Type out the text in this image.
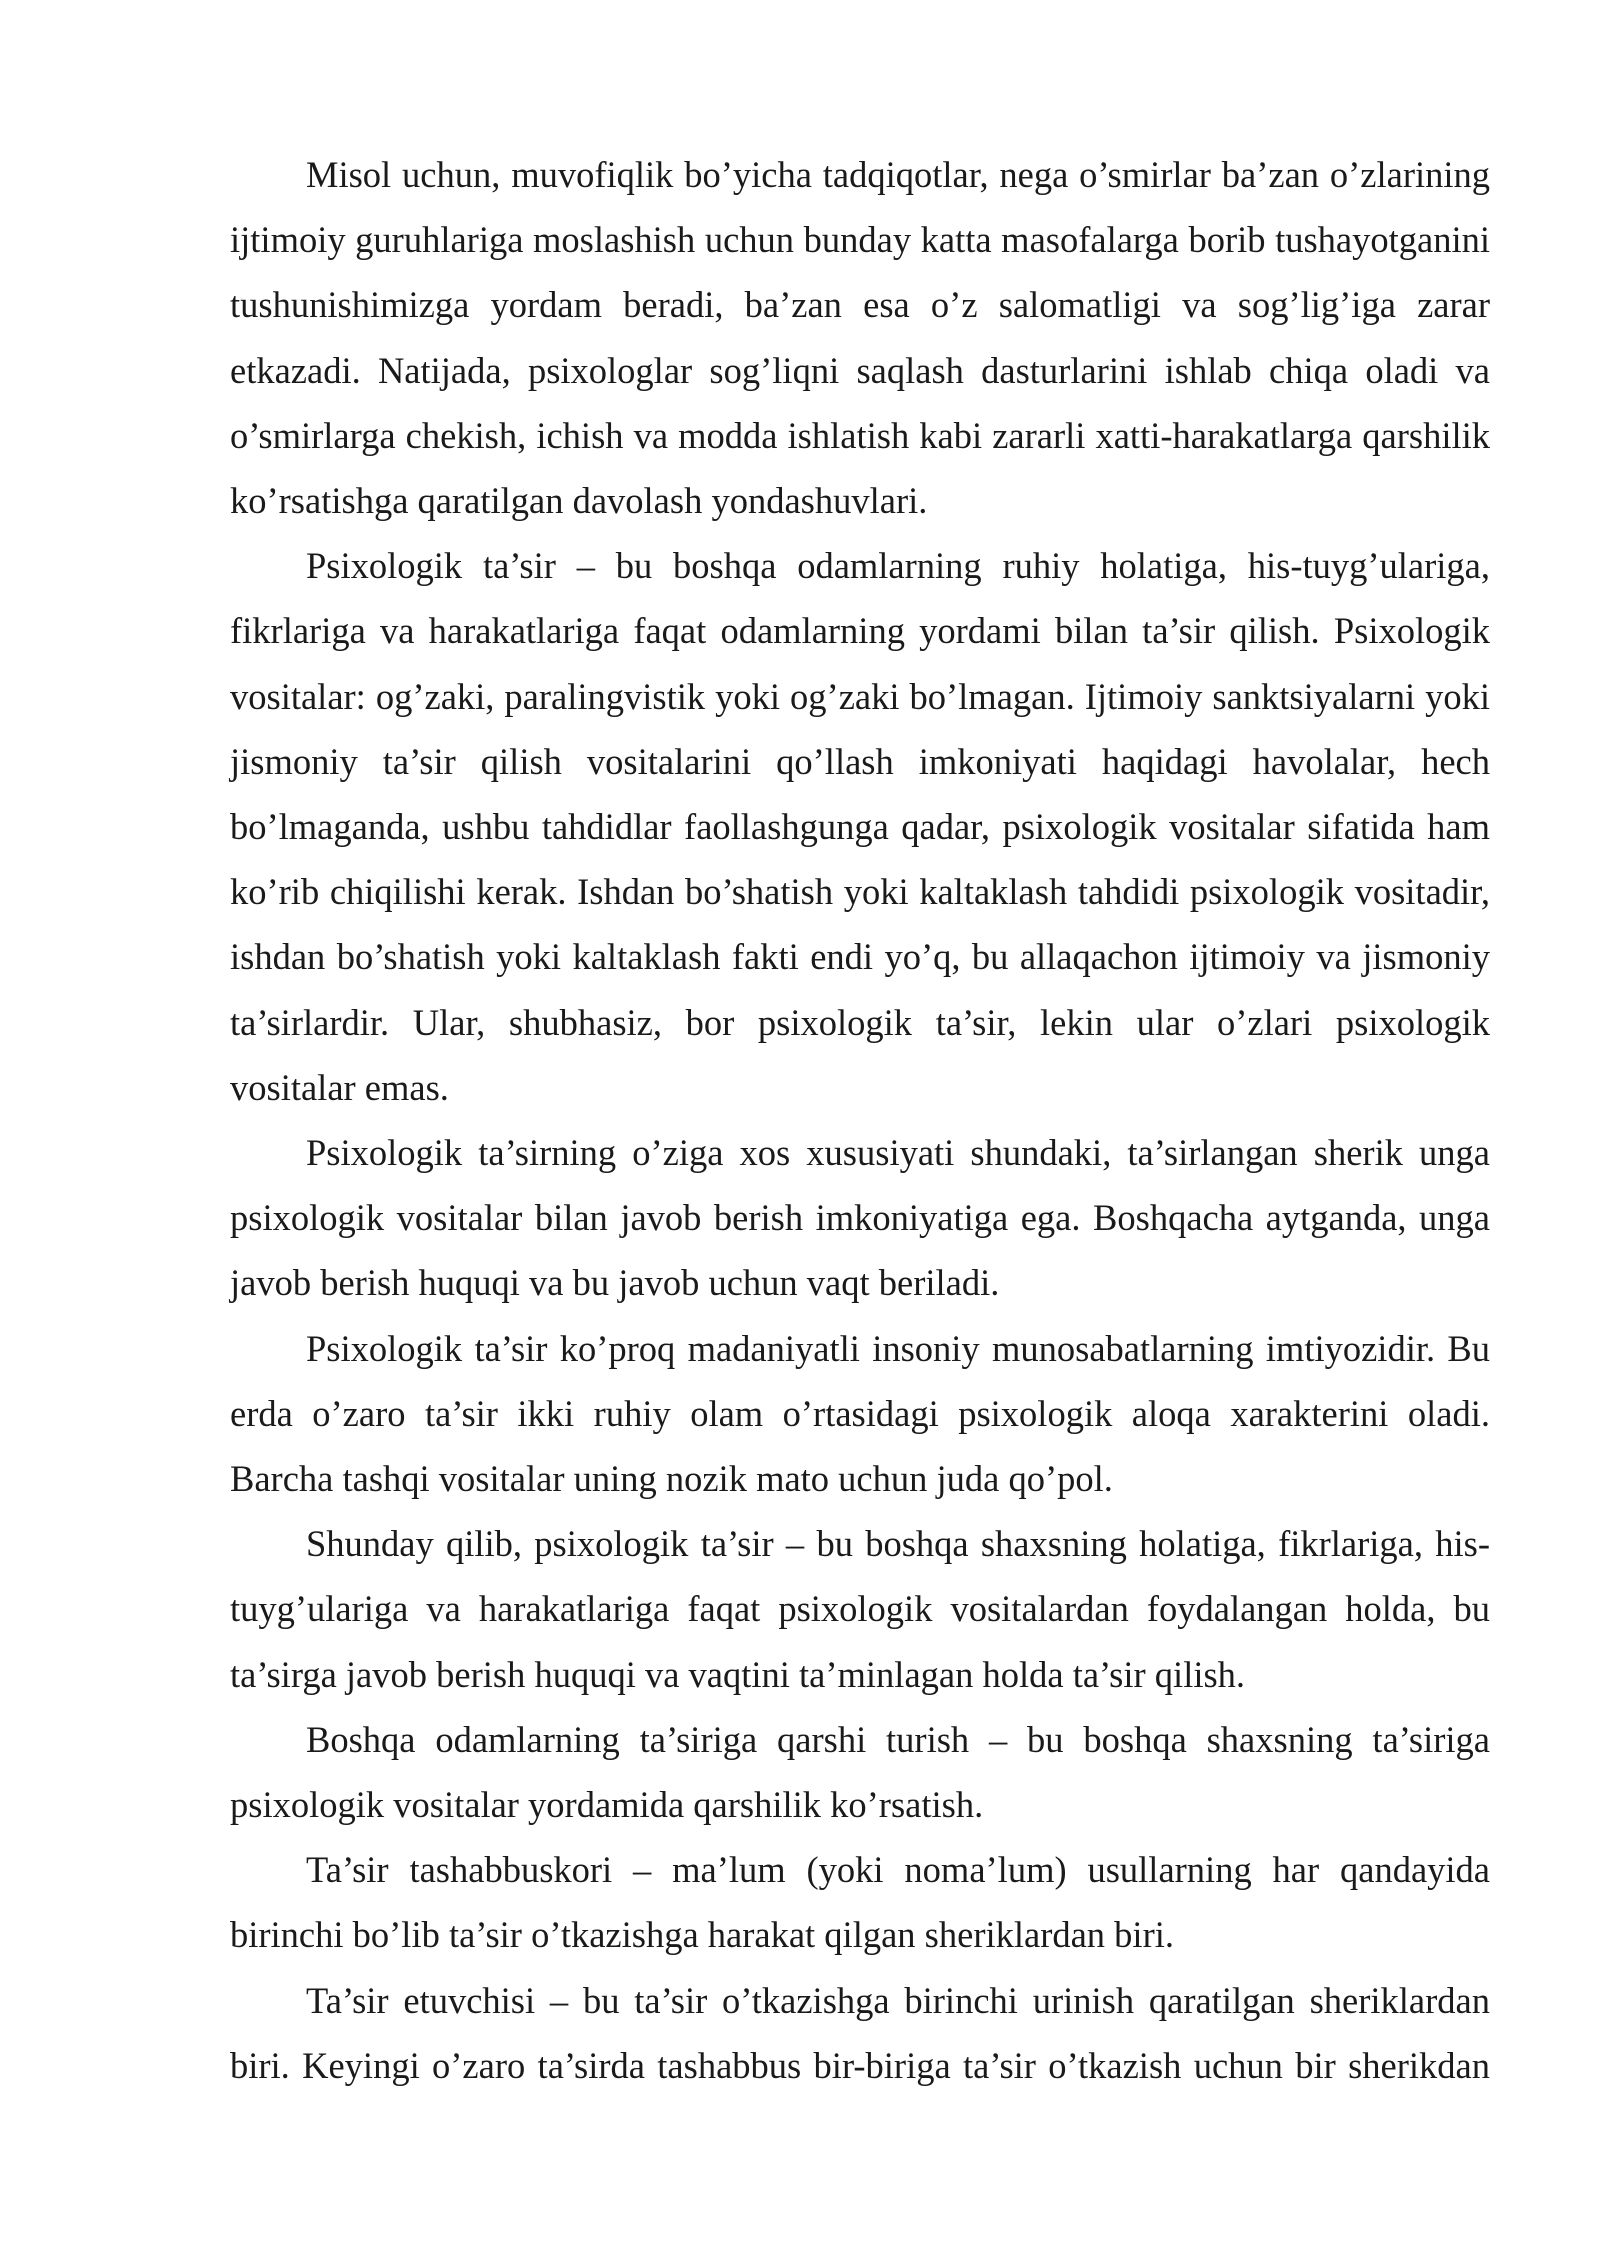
Misol uchun, muvofiqlik bo’yicha tadqiqotlar, nega o’smirlar ba’zan o’zlarining ijtimoiy guruhlariga moslashish uchun bunday katta masofalarga borib tushayotganini tushunishimizga yordam beradi, ba’zan esa o’z salomatligi va sog’lig’iga zarar etkazadi. Natijada, psixologlar sog’liqni saqlash dasturlarini ishlab chiqa oladi va o’smirlarga chekish, ichish va modda ishlatish kabi zararli xatti-harakatlarga qarshilik ko’rsatishga qaratilgan davolash yondashuvlari.

Psixologik ta’sir – bu boshqa odamlarning ruhiy holatiga, his-tuyg’ulariga, fikrlariga va harakatlariga faqat odamlarning yordami bilan ta’sir qilish. Psixologik vositalar: og’zaki, paralingvistik yoki og’zaki bo’lmagan. Ijtimoiy sanktsiyalarni yoki jismoniy ta’sir qilish vositalarini qo’llash imkoniyati haqidagi havolalar, hech bo’lmaganda, ushbu tahdidlar faollashgunga qadar, psixologik vositalar sifatida ham ko’rib chiqilishi kerak. Ishdan bo’shatish yoki kaltaklash tahdidi psixologik vositadir, ishdan bo’shatish yoki kaltaklash fakti endi yo’q, bu allaqachon ijtimoiy va jismoniy ta’sirlardir. Ular, shubhasiz, bor psixologik ta’sir, lekin ular o’zlari psixologik vositalar emas.

Psixologik ta’sirning o’ziga xos xususiyati shundaki, ta’sirlangan sherik unga psixologik vositalar bilan javob berish imkoniyatiga ega. Boshqacha aytganda, unga javob berish huquqi va bu javob uchun vaqt beriladi.

Psixologik ta’sir ko’proq madaniyatli insoniy munosabatlarning imtiyozidir. Bu erda o’zaro ta’sir ikki ruhiy olam o’rtasidagi psixologik aloqa xarakterini oladi. Barcha tashqi vositalar uning nozik mato uchun juda qo’pol.

Shunday qilib, psixologik ta’sir – bu boshqa shaxsning holatiga, fikrlariga, his-tuyg’ulariga va harakatlariga faqat psixologik vositalardan foydalangan holda, bu ta’sirga javob berish huquqi va vaqtini ta’minlagan holda ta’sir qilish.

Boshqa odamlarning ta’siriga qarshi turish – bu boshqa shaxsning ta’siriga psixologik vositalar yordamida qarshilik ko’rsatish.

Ta’sir tashabbuskori – ma’lum (yoki noma’lum) usullarning har qandayida birinchi bo’lib ta’sir o’tkazishga harakat qilgan sheriklardan biri.

Ta’sir etuvchisi – bu ta’sir o’tkazishga birinchi urinish qaratilgan sheriklardan biri. Keyingi o’zaro ta’sirda tashabbus bir-biriga ta’sir o’tkazish uchun bir sherikdan
